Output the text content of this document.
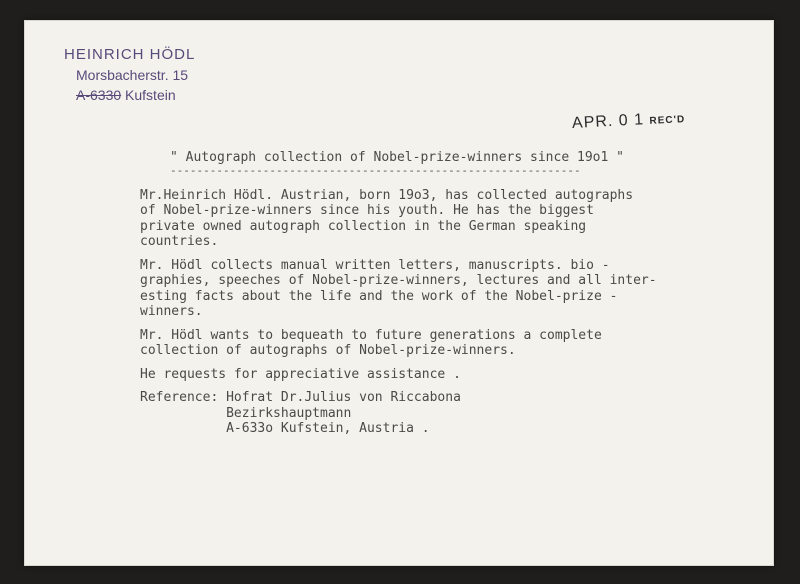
HEINRICH HÖDL
Morsbacherstr. 15
A-6330 Kufstein
APR. 0 1 REC'D
" Autograph collection of Nobel-prize-winners since 19o1 "
--------------------------------------------------------------
Mr.Heinrich Hödl. Austrian, born 19o3, has collected autographs
of Nobel-prize-winners since his youth. He has the biggest
private owned autograph collection in the German speaking
countries.
Mr. Hödl collects manual written letters, manuscripts. bio -
graphies, speeches of Nobel-prize-winners, lectures and all inter-
esting facts about the life and the work of the Nobel-prize -
winners.
Mr. Hödl wants to bequeath to future generations a complete
collection of autographs of Nobel-prize-winners.
He requests for appreciative assistance .
Reference: Hofrat Dr.Julius von Riccabona
Bezirkshauptmann
A-633o Kufstein, Austria .
